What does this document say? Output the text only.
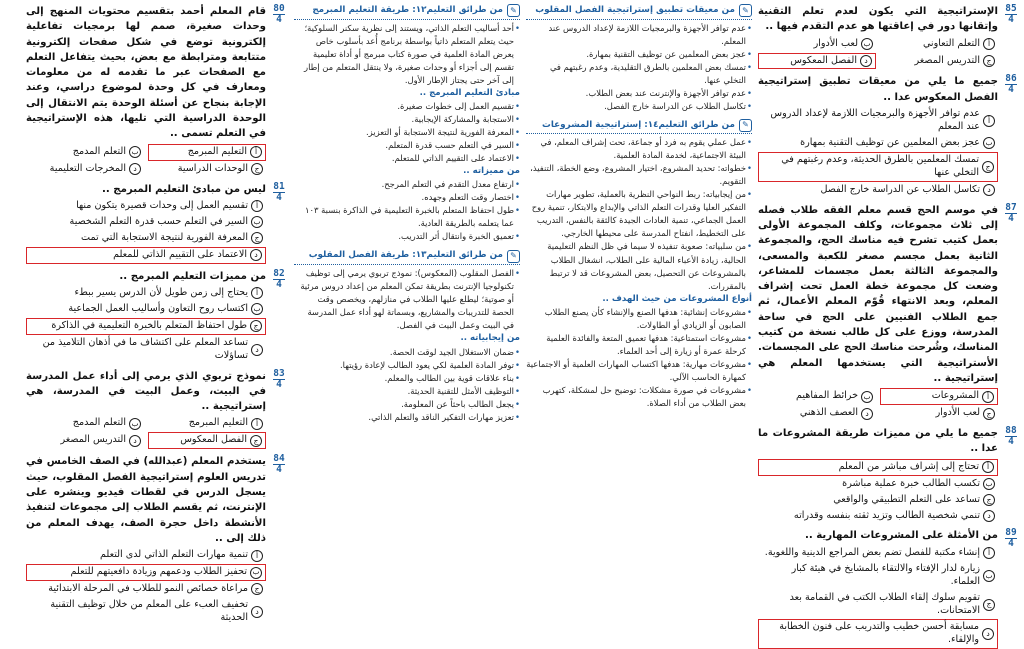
85
4
الإستراتيجية التي يكون لعدم تعلم التقنية وإتقانها دور في إعاقتها هو عدم التقدم فيها ..
أ
التعلم التعاوني
ب
لعب الأدوار
ج
التدريس المصغر
د
الفصل المعكوس
86
4
جميع ما يلي من معيقات تطبيق إستراتيجية الفصل المعكوس عدا ..
أ
عدم توافر الأجهزة والبرمجيات اللازمة لإعداد الدروس عند المعلم
ب
عجز بعض المعلمين عن توظيف التقنية بمهارة
ج
تمسك المعلمين بالطرق الحديثة، وعدم رغبتهم في التخلي عنها
د
تكاسل الطلاب عن الدراسة خارج الفصل
87
4
في موسم الحج قسم معلم الفقه طلاب فصله إلى ثلاث مجموعات، وكلف المجموعة الأولى بعمل كتيب تشرح فيه مناسك الحج، والمجموعة الثانية بعمل مجسم مصغر للكعبة والمسعى، والمجموعة الثالثة بعمل مجسمات للمشاعر، وضعت كل مجموعة خطة العمل تحت إشراف المعلم، وبعد الانتهاء قُوّم المعلم الأعمال، ثم جمع الطلاب الفنيين على الحج في ساحة المدرسة، ووزع على كل طالب نسخة من كتيب المناسك، وشُرحت مناسك الحج على المجسمات. الأستراتيجية التي يستخدمها المعلم هي إستراتيجية ..
أ
المشروعات
ب
خرائط المفاهيم
ج
لعب الأدوار
د
العصف الذهني
88
4
جميع ما يلي من مميزات طريقة المشروعات ما عدا ..
أ
تحتاج إلى إشراف مباشر من المعلم
ب
تكسب الطالب خبرة عملية مباشرة
ج
تساعد على التعلم التطبيقي والواقعي
د
تنمي شخصية الطالب وتزيد ثقته بنفسه وقدراته
89
4
من الأمثلة على المشروعات المهارية ..
أ
إنشاء مكتبة للفصل تضم بعض المراجع الدينية واللغوية.
ب
زيارة لدار الإفتاء والالتقاء بالمشايخ في هيئة كبار العلماء.
ج
تقويم سلوك إلقاء الطلاب الكتب في القمامة بعد الامتحانات.
د
مسابقة أحسن خطيب والتدريب على فنون الخطابة والإلقاء.
✎
من معيقات تطبيق إستراتيجية الفصل المقلوب
• عدم توافر الأجهزة والبرمجيات اللازمة لإعداد الدروس عند المعلم.
• عجز بعض المعلمين عن توظيف التقنية بمهارة.
• تمسك بعض المعلمين بالطرق التقليدية، وعدم رغبتهم في التخلي عنها.
• عدم توافر الأجهزة والإنترنت عند بعض الطلاب.
• تكاسل الطلاب عن الدراسة خارج الفصل.
✎
من طرائق التعليم١٤: إستراتيجية المشروعات
• عمل عملي يقوم به فرد أو جماعة، تحت إشراف المعلم، في البيئة الاجتماعية، لخدمة المادة العلمية.
• خطواته: تحديد المشروع، اختيار المشروع، وضع الخطة، التنفيذ، التقويم.
• من إيجابياته: ربط النواحي النظرية بالعملية، تطوير مهارات التفكير العليا وقدرات التعلم الذاتي والإبداع والابتكار، تنمية روح العمل الجماعي، تنمية العادات الجيدة كالثقة بالنفس، التدريب على التخطيط، انفتاح المدرسة على محيطها الخارجي.
• من سلبياته: صعوبة تنفيذه لا سيما في ظل النظم التعليمية الحالية، زيادة الأعباء المالية على الطلاب، انشغال الطلاب بالمشروعات عن التحصيل، بعض المشروعات قد لا ترتبط بالمقررات.
أنواع المشروعات من حيث الهدف ..
• مشروعات إنشائية: هدفها الصنع والإنشاء كأن يصنع الطلاب الصابون أو الزيادي أو الطاولات.
• مشروعات استمتاعية: هدفها تعميق المتعة والفائدة العلمية كرحلة عمرة أو زيارة إلى أحد العلماء.
• مشروعات مهارية: هدفها اكتساب المهارات العلمية أو الاجتماعية كمهارة الحاسب الآلي.
• مشروعات في صورة مشكلات: توضيح حل لمشكلة، كتهرب بعض الطلاب من أداء الصلاة.
✎
من طرائق التعليم١٢: طريقة التعليم المبرمج
• أحد أساليب التعلم الذاتي، ويستند إلى نظرية سكنر السلوكية؛ حيث يتعلم المتعلم ذاتياً بواسطة برنامج أُعد بأسلوب خاص يعرض المادة العلمية في صورة كتاب مبرمج أو أداة تعليمية تقسم إلى أجزاء أو وحدات صغيرة، ولا ينتقل المتعلم من إطار إلى آخر حتى يجتاز الإطار الأول.
مبادئ التعليم المبرمج ..
• تقسيم العمل إلى خطوات صغيرة.
• الاستجابة والمشاركة الإيجابية.
• المعرفة الفورية لنتيجة الاستجابة أو التعزيز.
• السير في التعلم حسب قدرة المتعلم.
• الاعتماد على التقييم الذاتي للمتعلم.
من مميزاته ..
• ارتفاع معدل التقدم في التعلم المرجح.
• اختصار وقت التعلم وجهده.
• طول احتفاظ المتعلم بالخبرة التعليمية في الذاكرة بنسبة ١٠٣ عما يتعلمه بالطريقة العادية.
• تعميق الخبرة وانتقال أثر التدريب.
✎
من طرائق التعليم١٣: طريقة الفصل المقلوب
• الفصل المقلوب (المعكوس): نموذج تربوي يرمي إلى توظيف تكنولوجيا الإنترنت بطريقة تمكن المعلم من إعداد دروس مرئية أو صوتية؛ ليطلع عليها الطلاب في منازلهم، ويخصص وقت الحصة للتدريبات والمشاريع، وبسماتة لهو أداء عمل المدرسة في البيت وعمل البيت في الفصل.
من إيجابياته ..
• ضمان الاستغلال الجيد لوقت الحصة.
• توفر المادة العلمية لكي يعود الطالب لإعادة رؤيتها.
• بناء علاقات قوية بين الطالب والمعلم.
• التوظيف الأمثل للتقنية الحديثة.
• يجعل الطالب باحثاً عن المعلومة.
• تعزيز مهارات التفكير الناقد والتعلم الذاتي.
80
4
قام المعلم أحمد بتقسيم محتويات المنهج إلى وحدات صغيرة، صمم لها برمجيات تفاعلية إلكترونية توضع في شكل صفحات إلكترونية متتابعة ومترابطة مع بعض، بحيث يتفاعل التعلم مع الصفحات عبر ما تقدمه له من معلومات ومعارف في كل وحدة لموضوع دراسي، وعند الإجابة بنجاح عن أسئلة الوحدة يتم الانتقال إلى الوحدة الدراسية التي تليها، هذه الإستراتيجية في التعلم تسمى ..
أ
التعليم المبرمج
ب
التعلم المدمج
ج
الوحدات الدراسية
د
المخرجات التعليمية
81
4
ليس من مبادئ التعليم المبرمج ..
أ
تقسيم العمل إلى وحدات قصيرة يتكون منها
ب
السير في التعلم حسب قدرة التعلم الشخصية
ج
المعرفة الفورية لنتيجة الاستجابة التي تمت
د
الاعتماد على التقييم الذاتي للمعلم
82
4
من مميزات التعليم المبرمج ..
أ
يحتاج إلى زمن طويل لأن الدرس يسير ببطء
ب
اكتساب روح التعاون وأساليب العمل الجماعية
ج
طول احتفاظ المتعلم بالخبرة التعليمية في الذاكرة
د
تساعد المعلم على اكتشاف ما في أذهان التلاميذ من تساؤلات
83
4
نموذج تربوي الذي يرمي إلى أداء عمل المدرسة في البيت، وعمل البيت في المدرسة، هي إستراتيجية ..
أ
التعليم المبرمج
ب
التعلم المدمج
ج
الفصل المعكوس
د
التدريس المصغر
84
4
يستخدم المعلم (عبدالله) في الصف الخامس في تدريس العلوم إستراتيجية الفصل المقلوب، حيث يسجل الدرس في لقطات فيديو وينشره على الإنترنت، ثم يقسم الطلاب إلى مجموعات لتنفيذ الأنشطة داخل حجرة الصف، يهدف المعلم من ذلك إلى ..
أ
تنمية مهارات التعلم الذاتي لدى التعلم
ب
تحفيز الطلاب ودعمهم وزيادة دافعيتهم للتعلم
ج
مراعاة خصائص النمو للطلاب في المرحلة الابتدائية
د
تخفيف العبء على المعلم من خلال توظيف التقنية الحديثة
